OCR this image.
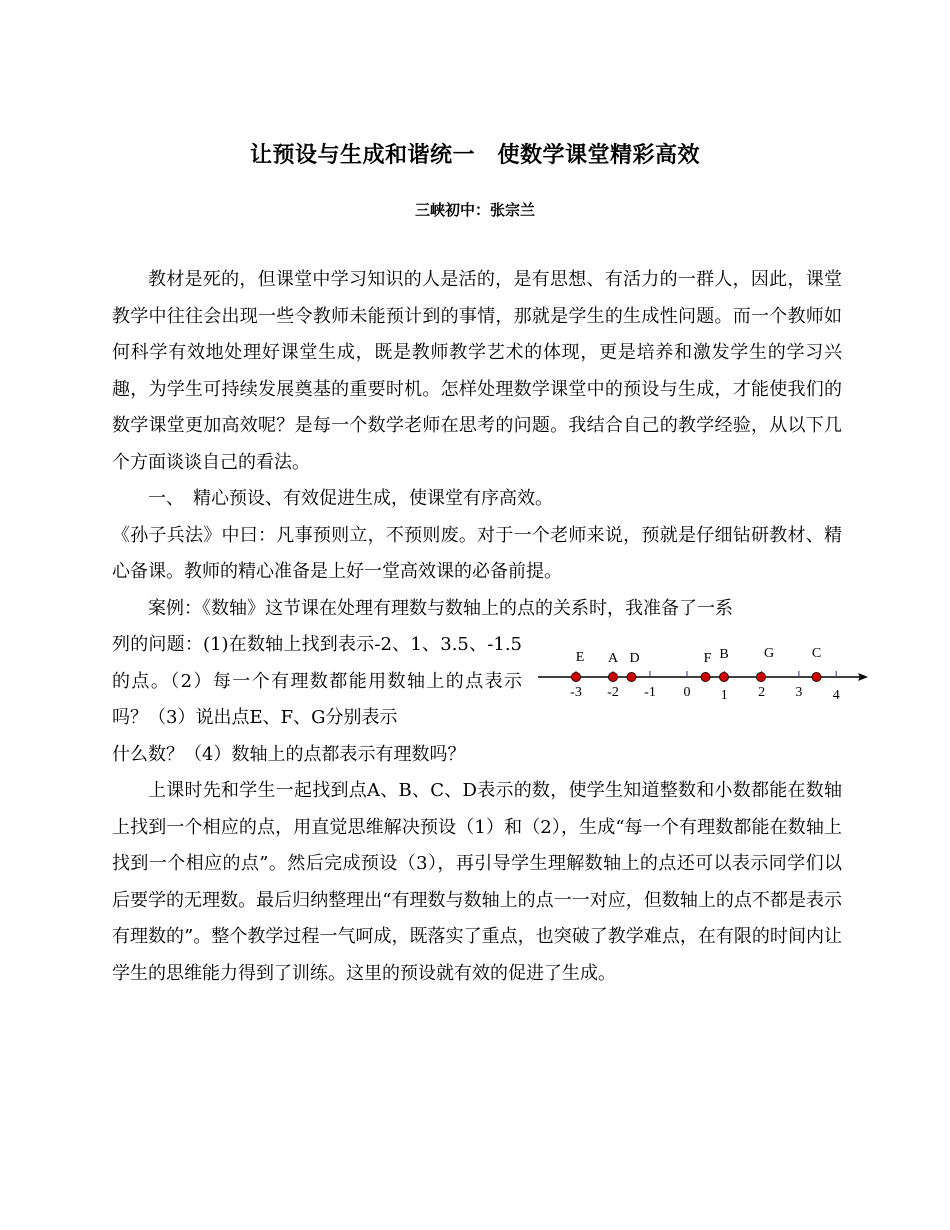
让预设与生成和谐统一　使数学课堂精彩高效
三峡初中：张宗兰

教材是死的，但课堂中学习知识的人是活的，是有思想、有活力的一群人，因此，课堂教学中往往会出现一些令教师未能预计到的事情，那就是学生的生成性问题。而一个教师如何科学有效地处理好课堂生成，既是教师教学艺术的体现，更是培养和激发学生的学习兴趣，为学生可持续发展奠基的重要时机。怎样处理数学课堂中的预设与生成，才能使我们的数学课堂更加高效呢？是每一个数学老师在思考的问题。我结合自己的教学经验，从以下几个方面谈谈自己的看法。

一、　精心预设、有效促进生成，使课堂有序高效。

《孙子兵法》中曰：凡事预则立，不预则废。对于一个老师来说，预就是仔细钻研教材、精心备课。教师的精心准备是上好一堂高效课的必备前提。

案例：《数轴》这节课在处理有理数与数轴上的点的关系时，我准备了一系

列的问题：(1)在数轴上找到表示-2、1、3.5、-1.5的点。（2）每一个有理数都能用数轴上的点表示吗？（3）说出点E、F、G分别表示

什么数？（4）数轴上的点都表示有理数吗？

-3 -2 -1 0 1 2 3 4
E A D	F B	G	C

上课时先和学生一起找到点A、B、C、D表示的数，使学生知道整数和小数都能在数轴上找到一个相应的点，用直觉思维解决预设（1）和（2），生成“每一个有理数都能在数轴上找到一个相应的点”。然后完成预设（3），再引导学生理解数轴上的点还可以表示同学们以后要学的无理数。最后归纳整理出“有理数与数轴上的点一一对应，但数轴上的点不都是表示有理数的”。整个教学过程一气呵成，既落实了重点，也突破了教学难点，在有限的时间内让学生的思维能力得到了训练。这里的预设就有效的促进了生成。
